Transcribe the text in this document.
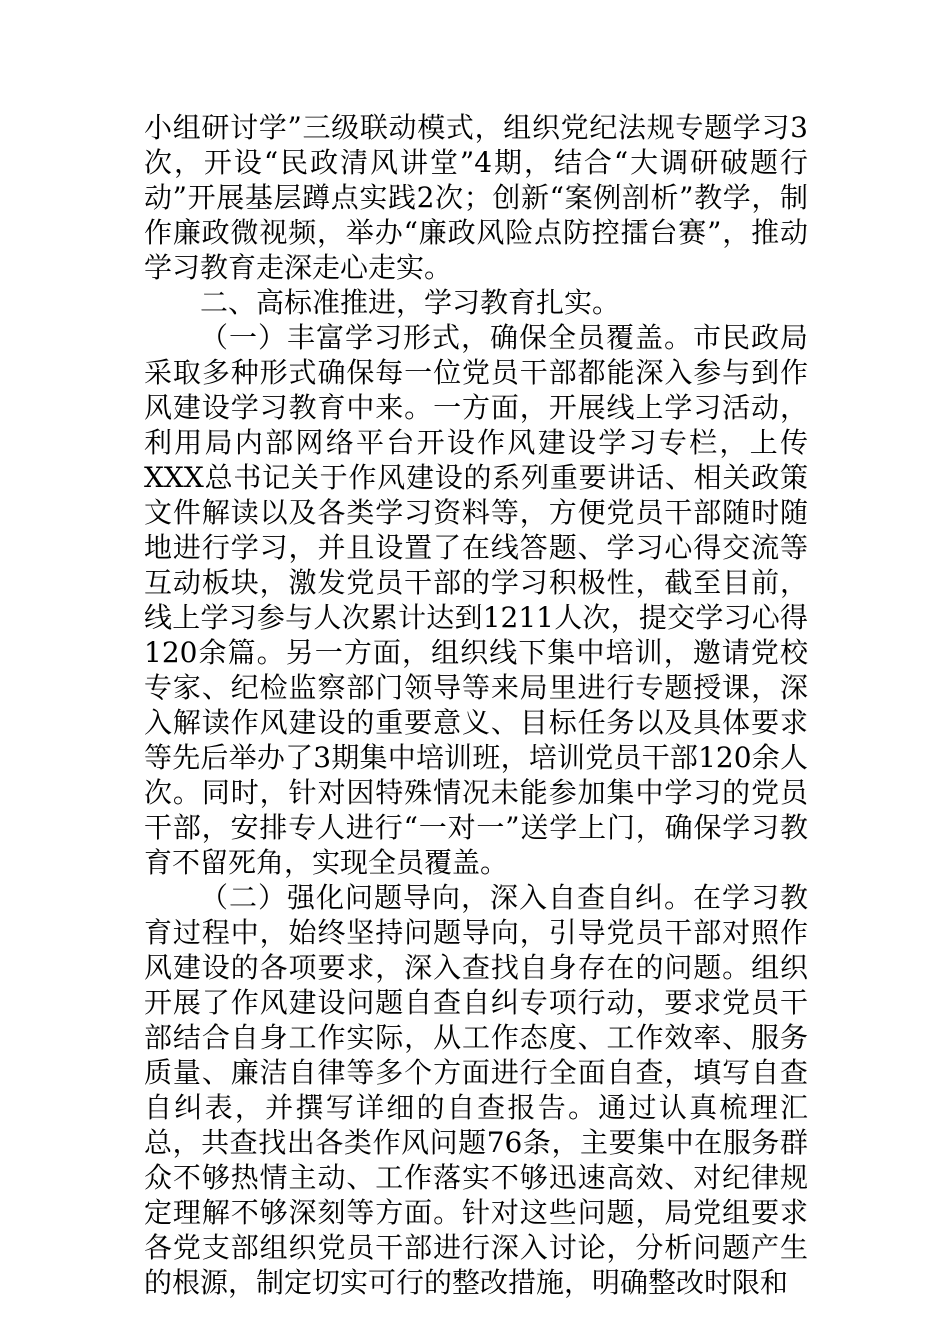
小组研讨学”三级联动模式，组织党纪法规专题学习3次，开设“民政清风讲堂”4期，结合“大调研破题行动”开展基层蹲点实践2次；创新“案例剖析”教学，制作廉政微视频，举办“廉政风险点防控擂台赛”，推动学习教育走深走心走实。

二、高标准推进，学习教育扎实。

（一）丰富学习形式，确保全员覆盖。市民政局采取多种形式确保每一位党员干部都能深入参与到作风建设学习教育中来。一方面，开展线上学习活动，利用局内部网络平台开设作风建设学习专栏，上传XXX总书记关于作风建设的系列重要讲话、相关政策文件解读以及各类学习资料等，方便党员干部随时随地进行学习，并且设置了在线答题、学习心得交流等互动板块，激发党员干部的学习积极性，截至目前，线上学习参与人次累计达到1211人次，提交学习心得120余篇。另一方面，组织线下集中培训，邀请党校专家、纪检监察部门领导等来局里进行专题授课，深入解读作风建设的重要意义、目标任务以及具体要求等先后举办了3期集中培训班，培训党员干部120余人次。同时，针对因特殊情况未能参加集中学习的党员干部，安排专人进行“一对一”送学上门，确保学习教育不留死角，实现全员覆盖。

（二）强化问题导向，深入自查自纠。在学习教育过程中，始终坚持问题导向，引导党员干部对照作风建设的各项要求，深入查找自身存在的问题。组织开展了作风建设问题自查自纠专项行动，要求党员干部结合自身工作实际，从工作态度、工作效率、服务质量、廉洁自律等多个方面进行全面自查，填写自查自纠表，并撰写详细的自查报告。通过认真梳理汇总，共查找出各类作风问题76条，主要集中在服务群众不够热情主动、工作落实不够迅速高效、对纪律规定理解不够深刻等方面。针对这些问题，局党组要求各党支部组织党员干部进行深入讨论，分析问题产生的根源，制定切实可行的整改措施，明确整改时限和
